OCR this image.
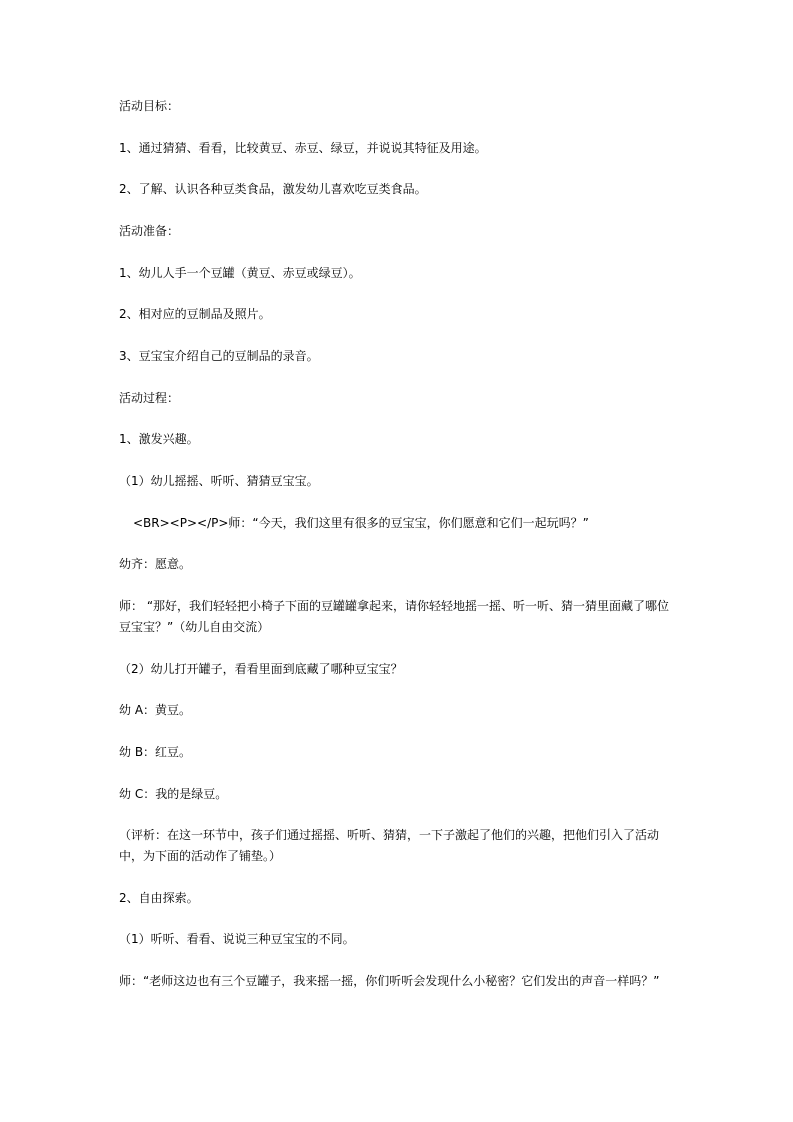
活动目标：
1、通过猜猜、看看，比较黄豆、赤豆、绿豆，并说说其特征及用途。
2、了解、认识各种豆类食品，激发幼儿喜欢吃豆类食品。
活动准备：
1、幼儿人手一个豆罐（黄豆、赤豆或绿豆）。
2、相对应的豆制品及照片。
3、豆宝宝介绍自己的豆制品的录音。
活动过程：
1、激发兴趣。
（1）幼儿摇摇、听听、猜猜豆宝宝。
<BR><P></P>师：“今天，我们这里有很多的豆宝宝，你们愿意和它们一起玩吗？”
幼齐：愿意。
师： “那好，我们轻轻把小椅子下面的豆罐罐拿起来，请你轻轻地摇一摇、听一听、猜一猜里面藏了哪位豆宝宝？”（幼儿自由交流）
（2）幼儿打开罐子，看看里面到底藏了哪种豆宝宝？
幼 A：黄豆。
幼 B：红豆。
幼 C：我的是绿豆。
（评析：在这一环节中，孩子们通过摇摇、听听、猜猜，一下子激起了他们的兴趣，把他们引入了活动中，为下面的活动作了铺垫。）
2、自由探索。
（1）听听、看看、说说三种豆宝宝的不同。
师：“老师这边也有三个豆罐子，我来摇一摇，你们听听会发现什么小秘密？它们发出的声音一样吗？”
